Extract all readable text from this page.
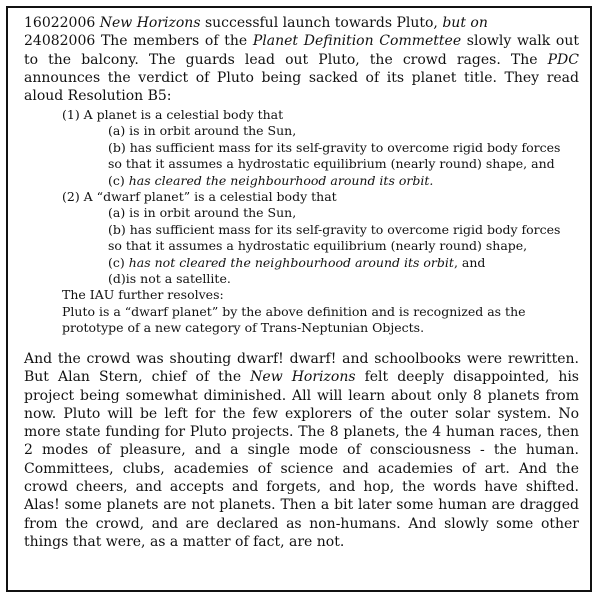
16022006 New Horizons successful launch towards Pluto, but on
24082006 The members of the Planet Definition Commettee slowly walk out to the balcony. The guards lead out Pluto, the crowd rages. The PDC announces the verdict of Pluto being sacked of its planet title. They read aloud Resolution B5:

(1) A planet is a celestial body that

(a) is in orbit around the Sun,

(b) has sufficient mass for its self-gravity to overcome rigid body forces so that it assumes a hydrostatic equilibrium (nearly round) shape, and

(c) has cleared the neighbourhood around its orbit.

(2) A “dwarf planet” is a celestial body that

(a) is in orbit around the Sun,

(b) has sufficient mass for its self-gravity to overcome rigid body forces so that it assumes a hydrostatic equilibrium (nearly round) shape,

(c) has not cleared the neighbourhood around its orbit, and

(d)is not a satellite.

The IAU further resolves:

Pluto is a “dwarf planet” by the above definition and is recognized as the prototype of a new category of Trans-Neptunian Objects.

And the crowd was shouting dwarf! dwarf! and schoolbooks were rewritten. But Alan Stern, chief of the New Horizons felt deeply disappointed, his project being somewhat diminished. All will learn about only 8 planets from now. Pluto will be left for the few explorers of the outer solar system. No more state funding for Pluto projects. The 8 planets, the 4 human races, then 2 modes of pleasure, and a single mode of consciousness - the human. Committees, clubs, academies of science and academies of art. And the crowd cheers, and accepts and forgets, and hop, the words have shifted. Alas! some planets are not planets. Then a bit later some human are dragged from the crowd, and are declared as non-humans. And slowly some other things that were, as a matter of fact, are not.
